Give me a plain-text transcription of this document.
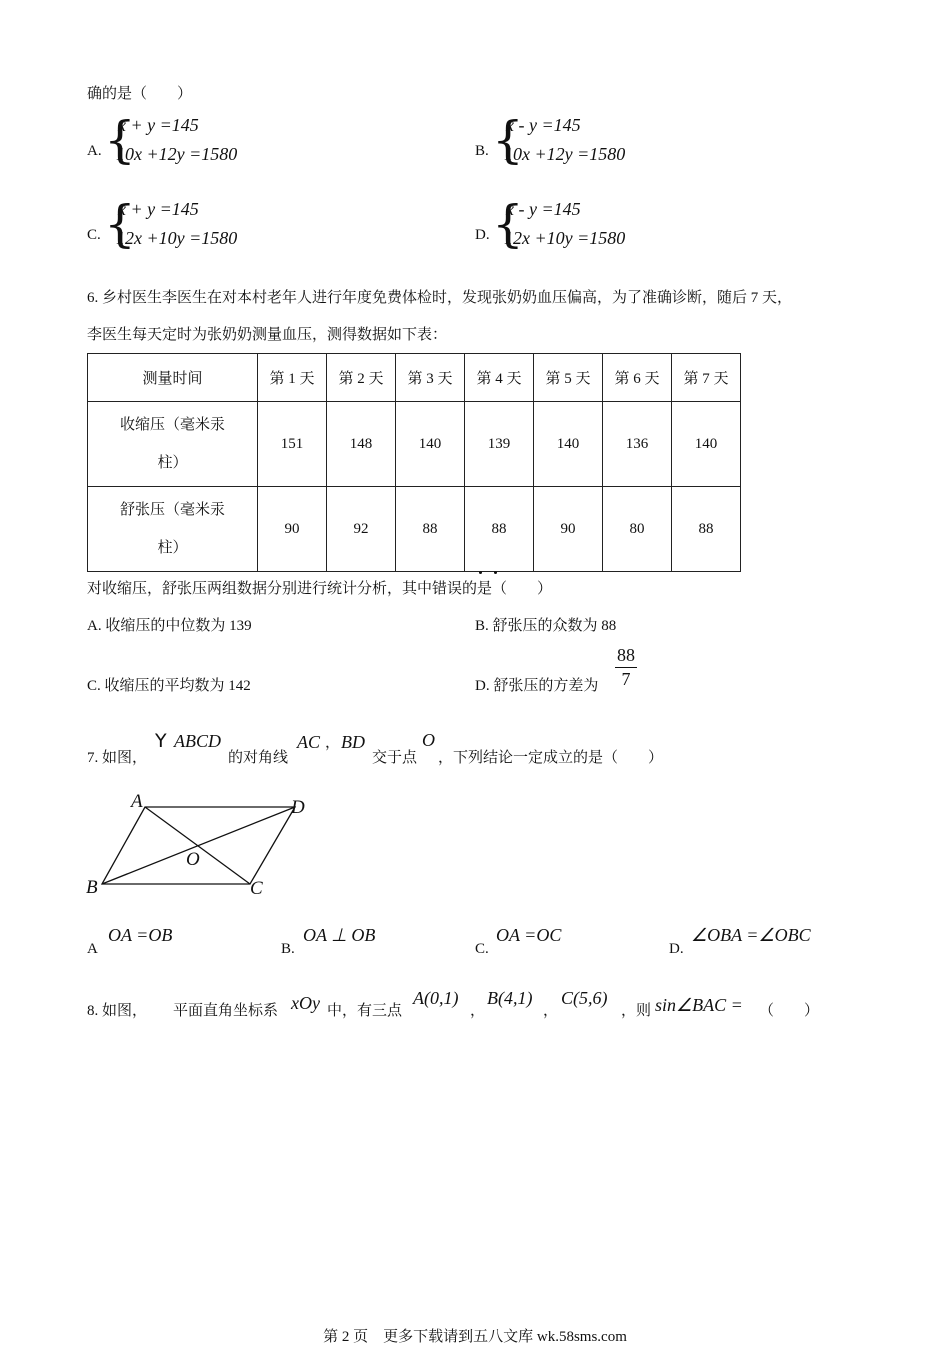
确的是（　　）
A. {
x + y =145
10x +12y =1580	B. {
x - y =145
10x +12y =1580
C. {
x + y =145
12x +10y =1580	D. {
x - y =145
12x +10y =1580
6. 乡村医生李医生在对本村老年人进行年度免费体检时，发现张奶奶血压偏高，为了准确诊断，随后 7 天，
李医生每天定时为张奶奶测量血压，测得数据如下表：
测量时间	第 1 天	第 2 天	第 3 天	第 4 天	第 5 天	第 6 天	第 7 天
收缩压（毫米汞
柱）	151	148	140	139	140	136	140
舒张压（毫米汞
柱）	90	92	88	88	90	80	88
对收缩压，舒张压两组数据分别进行统计分析，其中错误的是（　　）
A. 收缩压的中位数为 139	B. 舒张压的众数为 88
C. 收缩压的平均数为 142	D. 舒张压的方差为
88
7
7. 如图，
Y ABCD
的对角线
AC ， BD
交于点
O
，下列结论一定成立的是（　　）
A	D
O
B	C
A
OA =OB
B.
OA ⊥ OB
C.
OA =OC
D.
∠OBA =∠OBC
8. 如图， 平面直角坐标系 xOy 中，有三点
A(0,1)
，
B(4,1)
，
C(5,6)
，则 sin∠BAC = （　　）
第 2 页　更多下载请到五八文库 wk.58sms.com
